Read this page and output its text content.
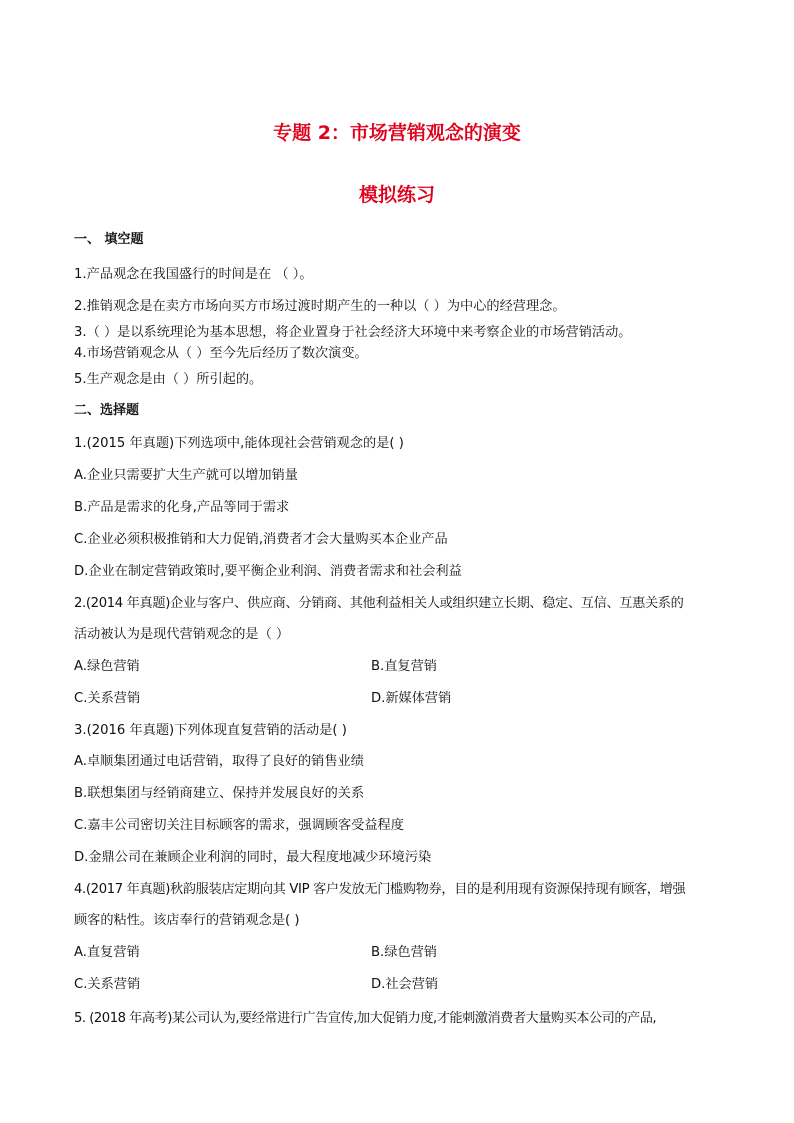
专题 2：市场营销观念的演变
模拟练习
一、 填空题
1.产品观念在我国盛行的时间是在 （ ）。
2.推销观念是在卖方市场向买方市场过渡时期产生的一种以（ ）为中心的经营理念。
3.（ ）是以系统理论为基本思想，将企业置身于社会经济大环境中来考察企业的市场营销活动。
4.市场营销观念从（ ）至今先后经历了数次演变。
5.生产观念是由（ ）所引起的。
二、选择题
1.(2015 年真题)下列选项中,能体现社会营销观念的是( )
A.企业只需要扩大生产就可以增加销量
B.产品是需求的化身,产品等同于需求
C.企业必须积极推销和大力促销,消费者才会大量购买本企业产品
D.企业在制定营销政策时,要平衡企业利润、消费者需求和社会利益
2.(2014 年真题)企业与客户、供应商、分销商、其他利益相关人或组织建立长期、稳定、互信、互惠关系的
活动被认为是现代营销观念的是（ ）
A.绿色营销	B.直复营销
C.关系营销	D.新媒体营销
3.(2016 年真题)下列体现直复营销的活动是( )
A.卓顺集团通过电话营销，取得了良好的销售业绩
B.联想集团与经销商建立、保持并发展良好的关系
C.嘉丰公司密切关注目标顾客的需求，强调顾客受益程度
D.金鼎公司在兼顾企业利润的同时，最大程度地减少环境污染
4.(2017 年真题)秋韵服装店定期向其 VIP 客户发放无门槛购物券，目的是利用现有资源保持现有顾客，增强
顾客的粘性。该店奉行的营销观念是( )
A.直复营销	B.绿色营销
C.关系营销	D.社会营销
5. (2018 年高考)某公司认为,要经常进行广告宣传,加大促销力度,才能刺激消费者大量购买本公司的产品,
